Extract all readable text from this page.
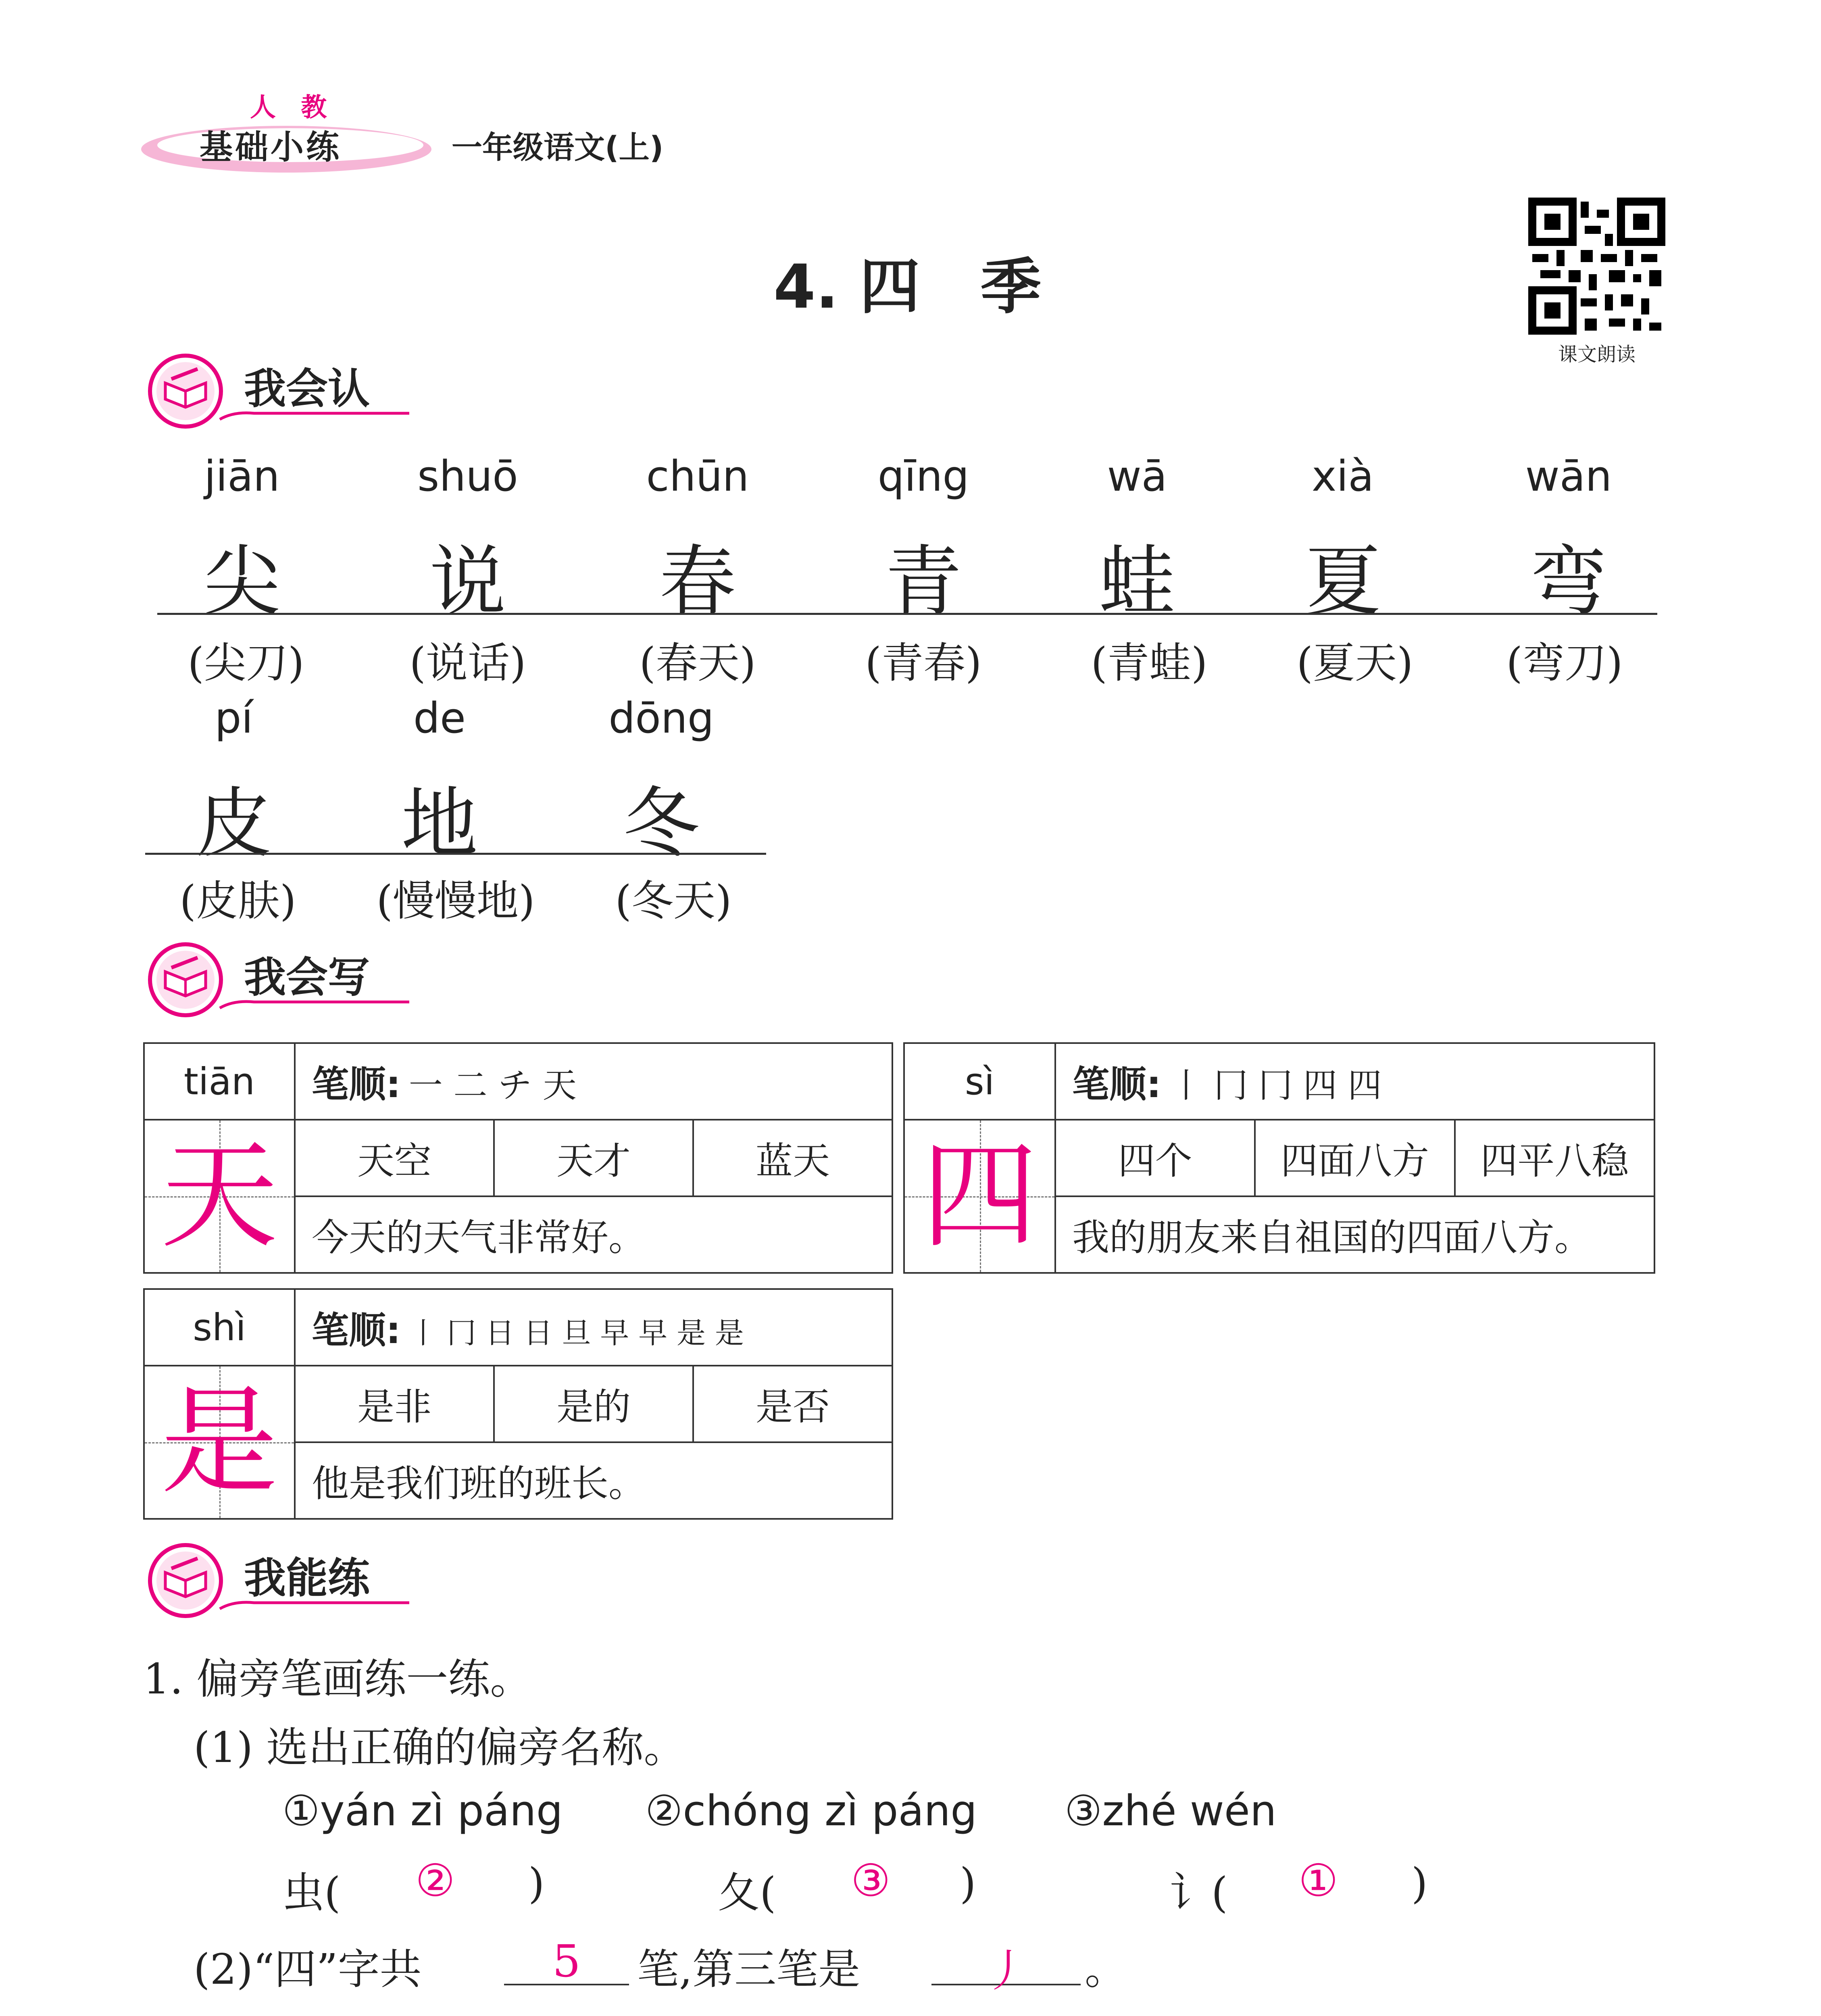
人 教
基础小练	一年级语文(上)
课文朗读
4. 四　季
我会认
jiān	shuō	chūn	qīng	wā	xià	wān
尖 说 春 青 蛙 夏 弯
(尖刀)	(说话)	(春天)	(青春)	(青蛙)	(夏天)	(弯刀)
pí	de	dōng
皮 地 冬
(皮肤)	(慢慢地)	(冬天)
我会写
tiān	笔顺: 一 二 チ 天		

天	天空	天才	蓝天
	今天的天气非常好。		
sì	笔顺: 丨 冂 冂 四 四		

四	四个	四面八方	四平八稳
	我的朋友来自祖国的四面八方。		
shì	笔顺: 丨 冂 日 日 旦 早 早 是 是		

是	是非	是的	是否
	他是我们班的班长。		
我能练
1. 偏旁笔画练一练。
(1) 选出正确的偏旁名称。
①yán zì páng ②chóng zì páng ③zhé wén
虫( ② )	夂( ③ )	讠( ① )
(2)“四”字共	5	笔,第三笔是	丿	。
